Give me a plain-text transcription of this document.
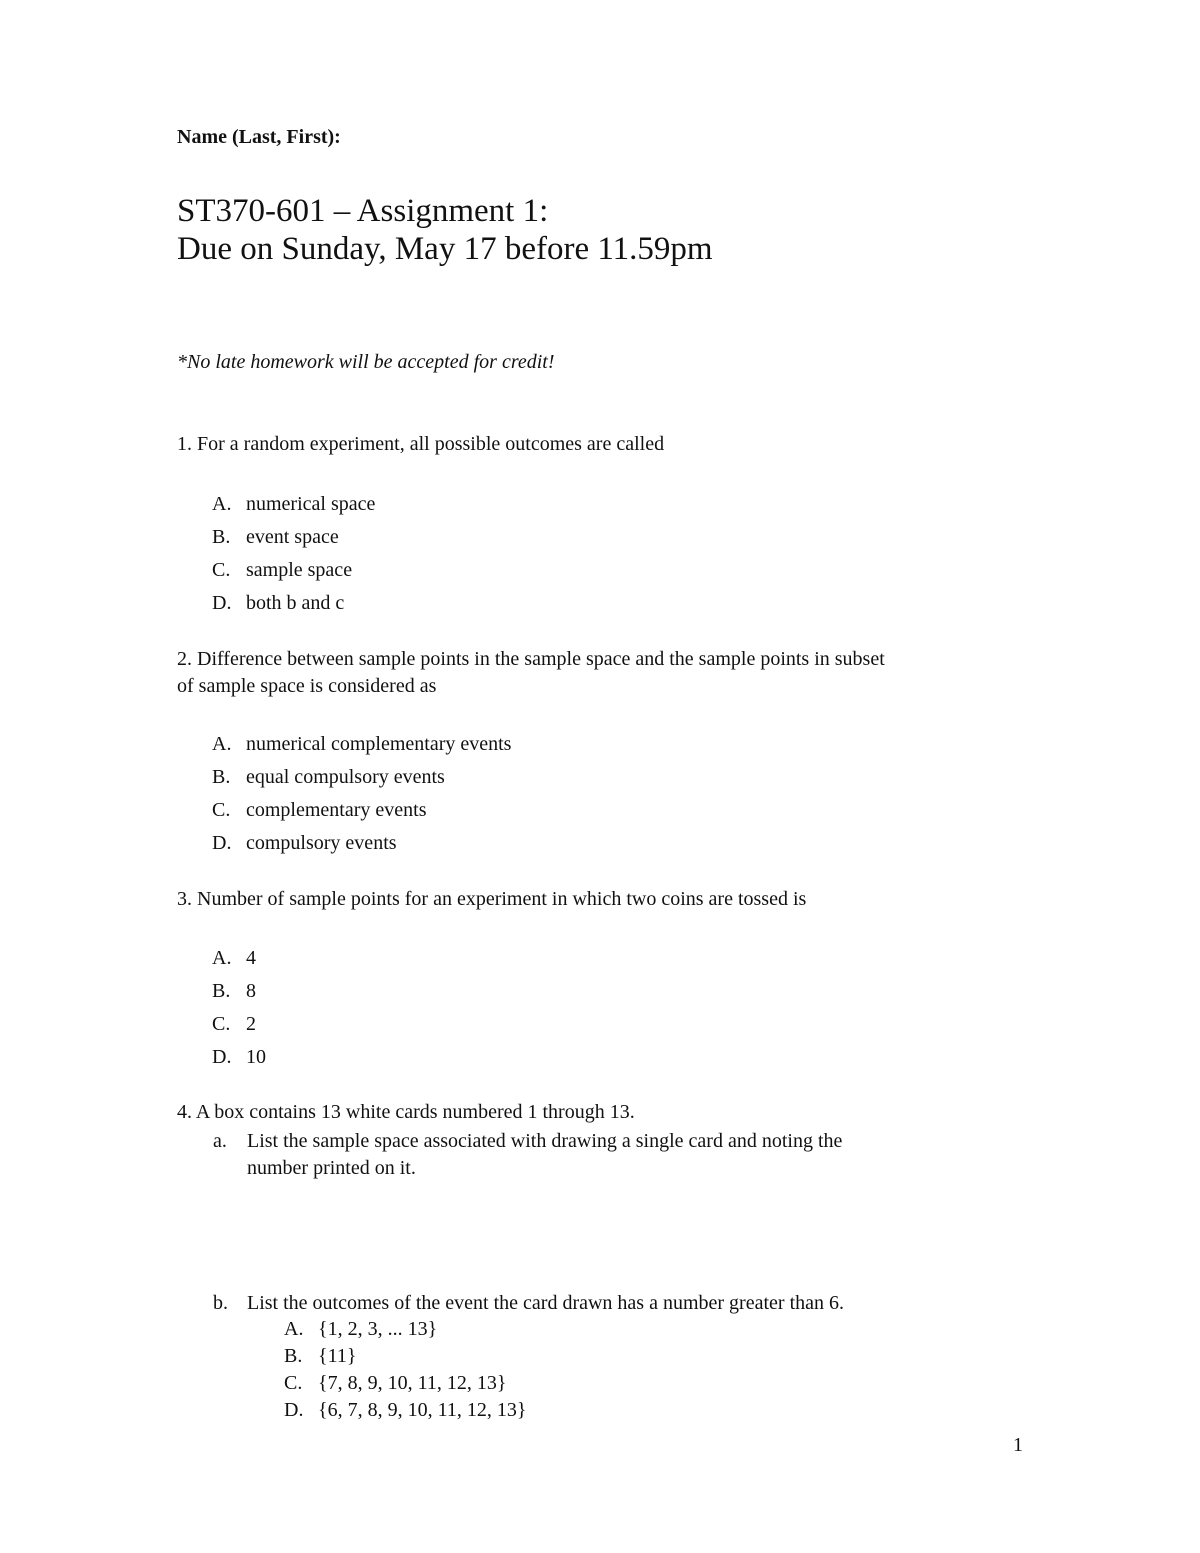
Name (Last, First):
ST370-601 – Assignment 1:
Due on Sunday, May 17 before 11.59pm
*No late homework will be accepted for credit!
1. For a random experiment, all possible outcomes are called
A. numerical space
B. event space
C. sample space
D. both b and c
2. Difference between sample points in the sample space and the sample points in subset
of sample space is considered as
A. numerical complementary events
B. equal compulsory events
C. complementary events
D. compulsory events
3. Number of sample points for an experiment in which two coins are tossed is
A. 4
B. 8
C. 2
D. 10
4. A box contains 13 white cards numbered 1 through 13.
a. List the sample space associated with drawing a single card and noting the
number printed on it.
b. List the outcomes of the event the card drawn has a number greater than 6.
A. {1, 2, 3, ... 13}
B. {11}
C. {7, 8, 9, 10, 11, 12, 13}
D. {6, 7, 8, 9, 10, 11, 12, 13}
1
